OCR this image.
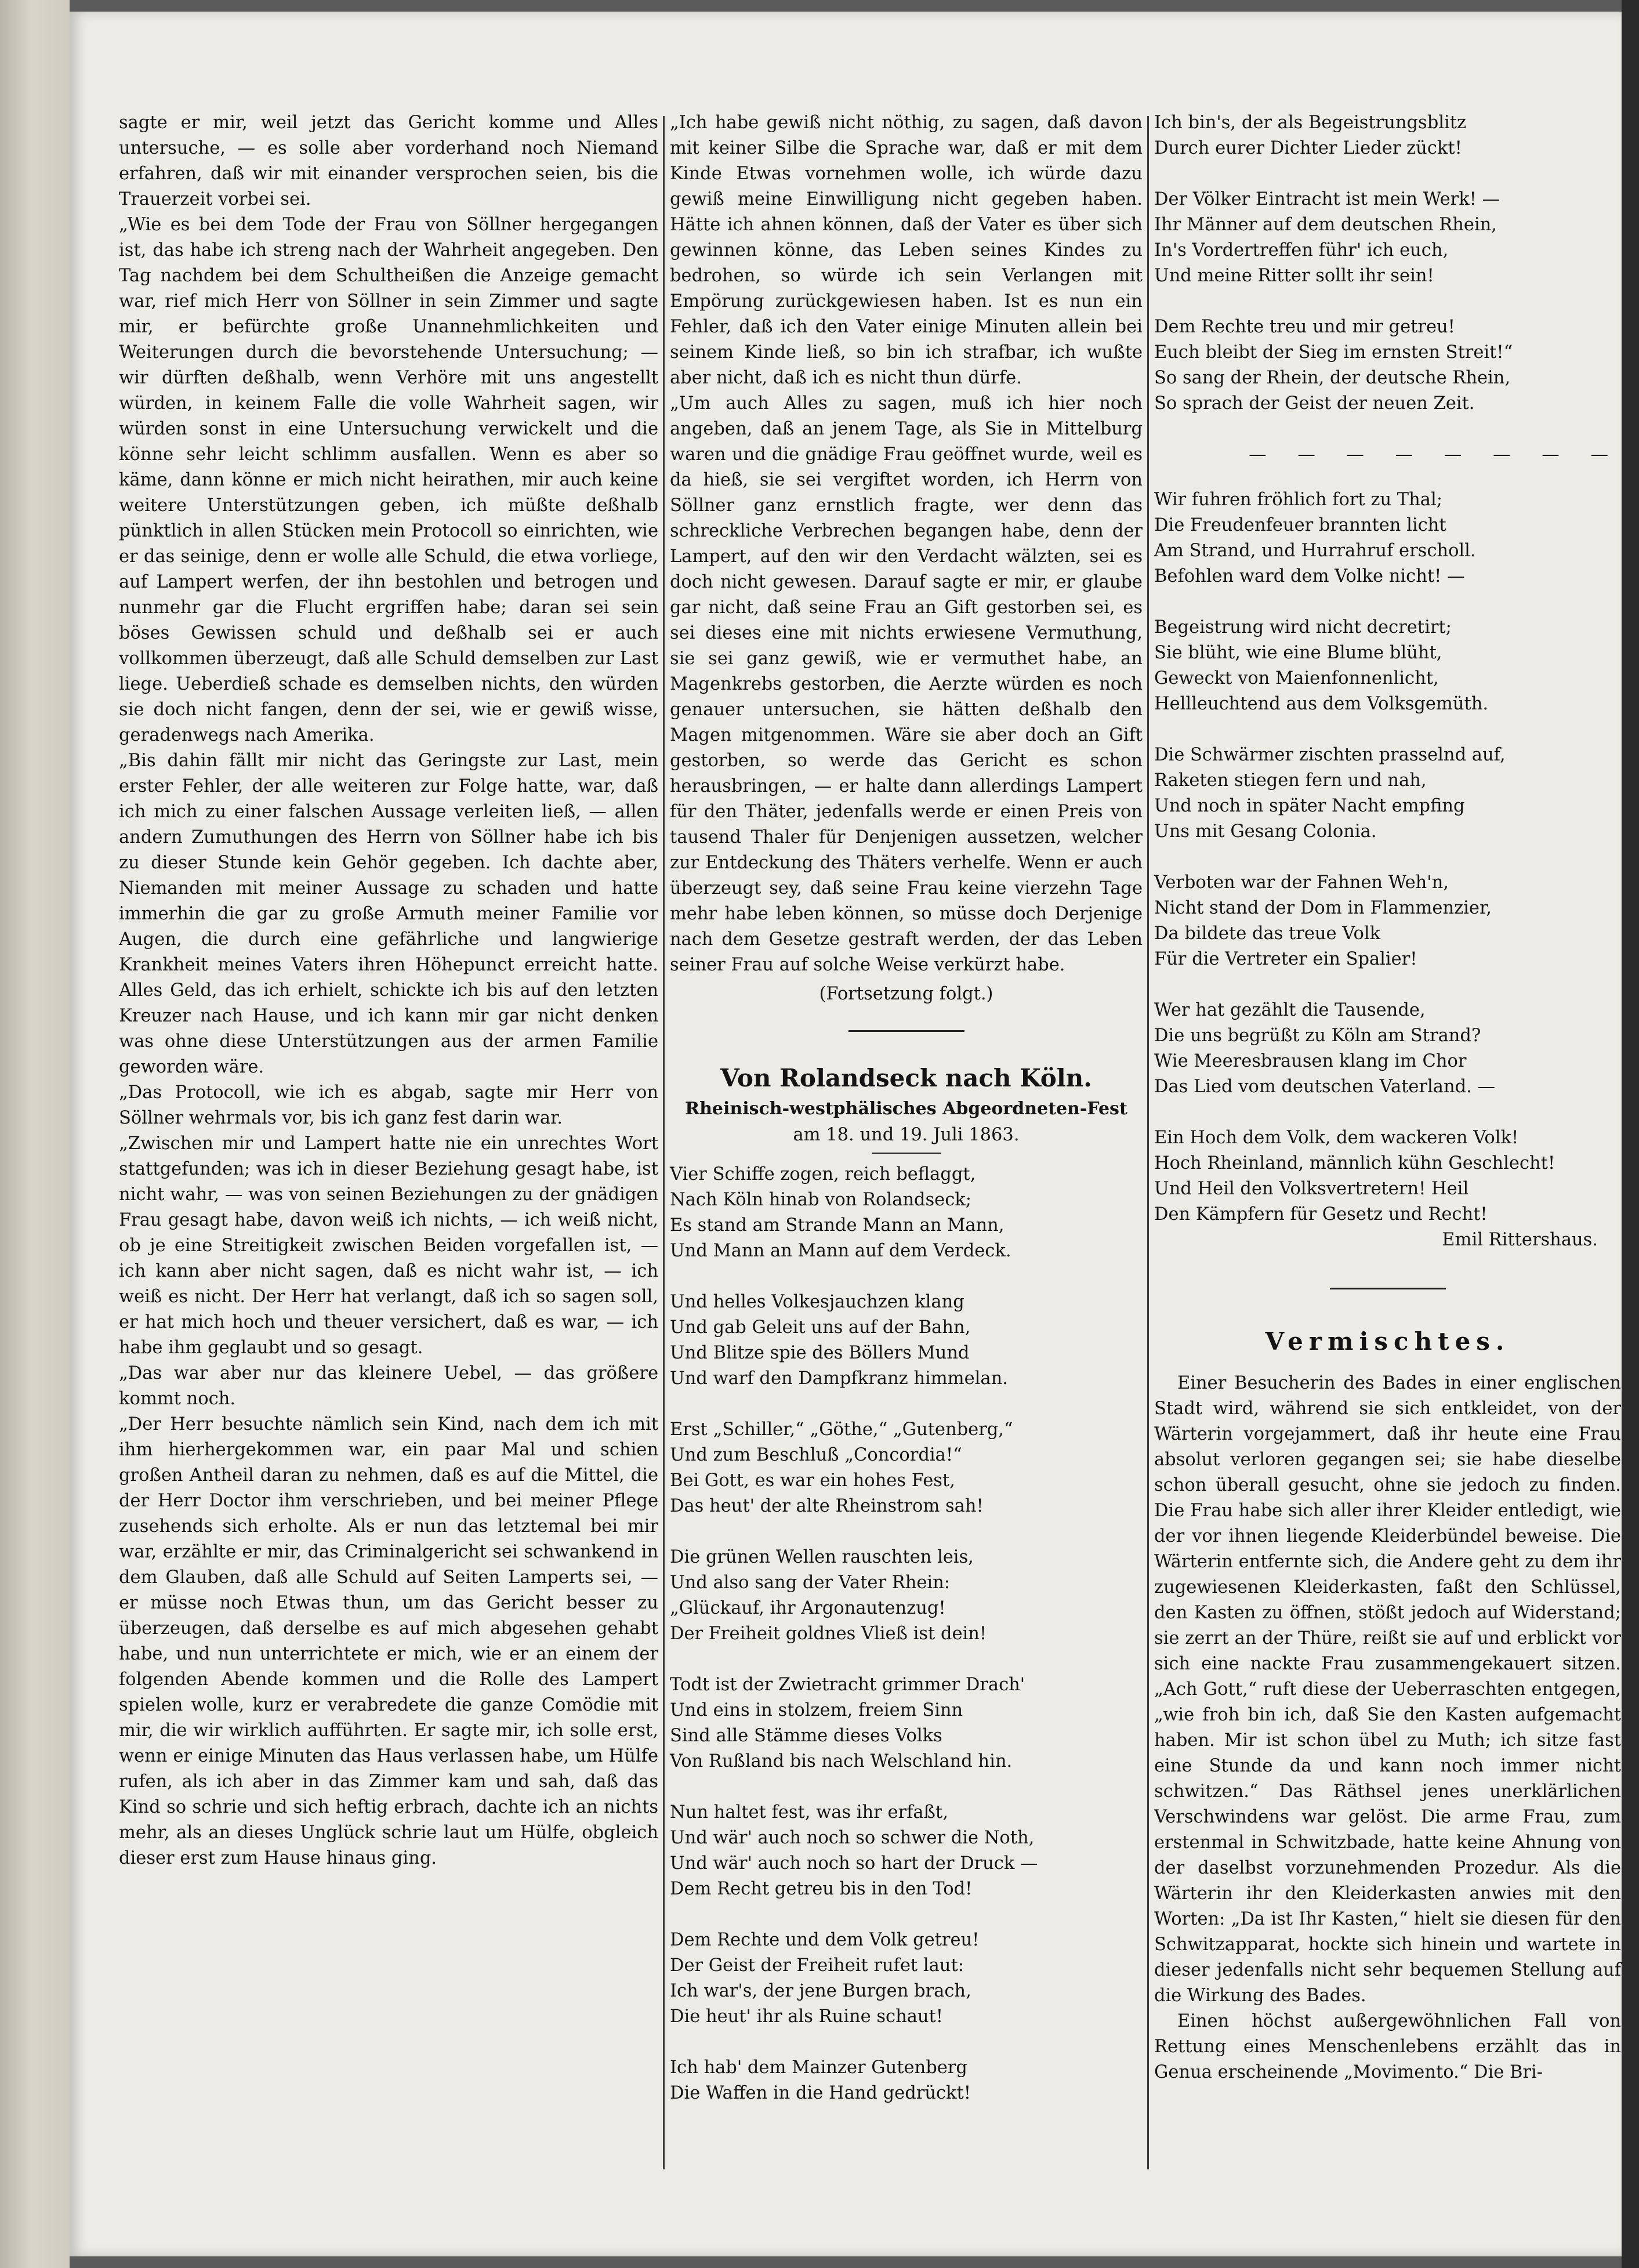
sagte er mir, weil jetzt das Gericht komme und Alles untersuche, — es solle aber vorderhand noch Niemand erfahren, daß wir mit einander versprochen seien, bis die Trauerzeit vorbei sei.

„Wie es bei dem Tode der Frau von Söllner hergegangen ist, das habe ich streng nach der Wahrheit angegeben. Den Tag nachdem bei dem Schultheißen die Anzeige gemacht war, rief mich Herr von Söllner in sein Zimmer und sagte mir, er befürchte große Unannehmlichkeiten und Weiterungen durch die bevorstehende Untersuchung; — wir dürften deßhalb, wenn Verhöre mit uns angestellt würden, in keinem Falle die volle Wahrheit sagen, wir würden sonst in eine Untersuchung verwickelt und die könne sehr leicht schlimm ausfallen. Wenn es aber so käme, dann könne er mich nicht heirathen, mir auch keine weitere Unterstützungen geben, ich müßte deßhalb pünktlich in allen Stücken mein Protocoll so einrichten, wie er das seinige, denn er wolle alle Schuld, die etwa vorliege, auf Lampert werfen, der ihn bestohlen und betrogen und nunmehr gar die Flucht ergriffen habe; daran sei sein böses Gewissen schuld und deßhalb sei er auch vollkommen überzeugt, daß alle Schuld demselben zur Last liege. Ueberdieß schade es demselben nichts, den würden sie doch nicht fangen, denn der sei, wie er gewiß wisse, geradenwegs nach Amerika.

„Bis dahin fällt mir nicht das Geringste zur Last, mein erster Fehler, der alle weiteren zur Folge hatte, war, daß ich mich zu einer falschen Aussage verleiten ließ, — allen andern Zumuthungen des Herrn von Söllner habe ich bis zu dieser Stunde kein Gehör gegeben. Ich dachte aber, Niemanden mit meiner Aussage zu schaden und hatte immerhin die gar zu große Armuth meiner Familie vor Augen, die durch eine gefährliche und langwierige Krankheit meines Vaters ihren Höhepunct erreicht hatte. Alles Geld, das ich erhielt, schickte ich bis auf den letzten Kreuzer nach Hause, und ich kann mir gar nicht denken was ohne diese Unterstützungen aus der armen Familie geworden wäre.

„Das Protocoll, wie ich es abgab, sagte mir Herr von Söllner wehrmals vor, bis ich ganz fest darin war.

„Zwischen mir und Lampert hatte nie ein unrechtes Wort stattgefunden; was ich in dieser Beziehung gesagt habe, ist nicht wahr, — was von seinen Beziehungen zu der gnädigen Frau gesagt habe, davon weiß ich nichts, — ich weiß nicht, ob je eine Streitigkeit zwischen Beiden vorgefallen ist, — ich kann aber nicht sagen, daß es nicht wahr ist, — ich weiß es nicht. Der Herr hat verlangt, daß ich so sagen soll, er hat mich hoch und theuer versichert, daß es war, — ich habe ihm geglaubt und so gesagt.

„Das war aber nur das kleinere Uebel, — das größere kommt noch.

„Der Herr besuchte nämlich sein Kind, nach dem ich mit ihm hierhergekommen war, ein paar Mal und schien großen Antheil daran zu nehmen, daß es auf die Mittel, die der Herr Doctor ihm verschrieben, und bei meiner Pflege zusehends sich erholte. Als er nun das letztemal bei mir war, erzählte er mir, das Criminalgericht sei schwankend in dem Glauben, daß alle Schuld auf Seiten Lamperts sei, — er müsse noch Etwas thun, um das Gericht besser zu überzeugen, daß derselbe es auf mich abgesehen gehabt habe, und nun unterrichtete er mich, wie er an einem der folgenden Abende kommen und die Rolle des Lampert spielen wolle, kurz er verabredete die ganze Comödie mit mir, die wir wirklich aufführten. Er sagte mir, ich solle erst, wenn er einige Minuten das Haus verlassen habe, um Hülfe rufen, als ich aber in das Zimmer kam und sah, daß das Kind so schrie und sich heftig erbrach, dachte ich an nichts mehr, als an dieses Unglück schrie laut um Hülfe, obgleich dieser erst zum Hause hinaus ging.

„Ich habe gewiß nicht nöthig, zu sagen, daß davon mit keiner Silbe die Sprache war, daß er mit dem Kinde Etwas vornehmen wolle, ich würde dazu gewiß meine Einwilligung nicht gegeben haben. Hätte ich ahnen können, daß der Vater es über sich gewinnen könne, das Leben seines Kindes zu bedrohen, so würde ich sein Verlangen mit Empörung zurückgewiesen haben. Ist es nun ein Fehler, daß ich den Vater einige Minuten allein bei seinem Kinde ließ, so bin ich strafbar, ich wußte aber nicht, daß ich es nicht thun dürfe.

„Um auch Alles zu sagen, muß ich hier noch angeben, daß an jenem Tage, als Sie in Mittelburg waren und die gnädige Frau geöffnet wurde, weil es da hieß, sie sei vergiftet worden, ich Herrn von Söllner ganz ernstlich fragte, wer denn das schreckliche Verbrechen begangen habe, denn der Lampert, auf den wir den Verdacht wälzten, sei es doch nicht gewesen. Darauf sagte er mir, er glaube gar nicht, daß seine Frau an Gift gestorben sei, es sei dieses eine mit nichts erwiesene Vermuthung, sie sei ganz gewiß, wie er vermuthet habe, an Magenkrebs gestorben, die Aerzte würden es noch genauer untersuchen, sie hätten deßhalb den Magen mitgenommen. Wäre sie aber doch an Gift gestorben, so werde das Gericht es schon herausbringen, — er halte dann allerdings Lampert für den Thäter, jedenfalls werde er einen Preis von tausend Thaler für Denjenigen aussetzen, welcher zur Entdeckung des Thäters verhelfe. Wenn er auch überzeugt sey, daß seine Frau keine vierzehn Tage mehr habe leben können, so müsse doch Derjenige nach dem Gesetze gestraft werden, der das Leben seiner Frau auf solche Weise verkürzt habe.

(Fortsetzung folgt.)

Von Rolandseck nach Köln.

Rheinisch-westphälisches Abgeordneten-Fest

am 18. und 19. Juli 1863.

Vier Schiffe zogen, reich beflaggt,
Nach Köln hinab von Rolandseck;
Es stand am Strande Mann an Mann,
Und Mann an Mann auf dem Verdeck.
Und helles Volkesjauchzen klang
Und gab Geleit uns auf der Bahn,
Und Blitze spie des Böllers Mund
Und warf den Dampfkranz himmelan.
Erst „Schiller,“ „Göthe,“ „Gutenberg,“
Und zum Beschluß „Concordia!“
Bei Gott, es war ein hohes Fest,
Das heut' der alte Rheinstrom sah!
Die grünen Wellen rauschten leis,
Und also sang der Vater Rhein:
„Glückauf, ihr Argonautenzug!
Der Freiheit goldnes Vließ ist dein!
Todt ist der Zwietracht grimmer Drach'
Und eins in stolzem, freiem Sinn
Sind alle Stämme dieses Volks
Von Rußland bis nach Welschland hin.
Nun haltet fest, was ihr erfaßt,
Und wär' auch noch so schwer die Noth,
Und wär' auch noch so hart der Druck —
Dem Recht getreu bis in den Tod!
Dem Rechte und dem Volk getreu!
Der Geist der Freiheit rufet laut:
Ich war's, der jene Burgen brach,
Die heut' ihr als Ruine schaut!
Ich hab' dem Mainzer Gutenberg
Die Waffen in die Hand gedrückt!
Ich bin's, der als Begeistrungsblitz
Durch eurer Dichter Lieder zückt!
Der Völker Eintracht ist mein Werk! —
Ihr Männer auf dem deutschen Rhein,
In's Vordertreffen führ' ich euch,
Und meine Ritter sollt ihr sein!
Dem Rechte treu und mir getreu!
Euch bleibt der Sieg im ernsten Streit!“
So sang der Rhein, der deutsche Rhein,
So sprach der Geist der neuen Zeit.

— — — — — — — —

Wir fuhren fröhlich fort zu Thal;
Die Freudenfeuer brannten licht
Am Strand, und Hurrahruf erscholl.
Befohlen ward dem Volke nicht! —
Begeistrung wird nicht decretirt;
Sie blüht, wie eine Blume blüht,
Geweckt von Maienfonnenlicht,
Hellleuchtend aus dem Volksgemüth.
Die Schwärmer zischten prasselnd auf,
Raketen stiegen fern und nah,
Und noch in später Nacht empfing
Uns mit Gesang Colonia.
Verboten war der Fahnen Weh'n,
Nicht stand der Dom in Flammenzier,
Da bildete das treue Volk
Für die Vertreter ein Spalier!
Wer hat gezählt die Tausende,
Die uns begrüßt zu Köln am Strand?
Wie Meeresbrausen klang im Chor
Das Lied vom deutschen Vaterland. —
Ein Hoch dem Volk, dem wackeren Volk!
Hoch Rheinland, männlich kühn Geschlecht!
Und Heil den Volksvertretern! Heil
Den Kämpfern für Gesetz und Recht!

Emil Rittershaus.

Vermischtes.

Einer Besucherin des Bades in einer englischen Stadt wird, während sie sich entkleidet, von der Wärterin vorgejammert, daß ihr heute eine Frau absolut verloren gegangen sei; sie habe dieselbe schon überall gesucht, ohne sie jedoch zu finden. Die Frau habe sich aller ihrer Kleider entledigt, wie der vor ihnen liegende Kleiderbündel beweise. Die Wärterin entfernte sich, die Andere geht zu dem ihr zugewiesenen Kleiderkasten, faßt den Schlüssel, den Kasten zu öffnen, stößt jedoch auf Widerstand; sie zerrt an der Thüre, reißt sie auf und erblickt vor sich eine nackte Frau zusammengekauert sitzen. „Ach Gott,“ ruft diese der Ueberraschten entgegen, „wie froh bin ich, daß Sie den Kasten aufgemacht haben. Mir ist schon übel zu Muth; ich sitze fast eine Stunde da und kann noch immer nicht schwitzen.“ Das Räthsel jenes unerklärlichen Verschwindens war gelöst. Die arme Frau, zum erstenmal in Schwitzbade, hatte keine Ahnung von der daselbst vorzunehmenden Prozedur. Als die Wärterin ihr den Kleiderkasten anwies mit den Worten: „Da ist Ihr Kasten,“ hielt sie diesen für den Schwitzapparat, hockte sich hinein und wartete in dieser jedenfalls nicht sehr bequemen Stellung auf die Wirkung des Bades.

Einen höchst außergewöhnlichen Fall von Rettung eines Menschenlebens erzählt das in Genua erscheinende „Movimento.“ Die Bri-
